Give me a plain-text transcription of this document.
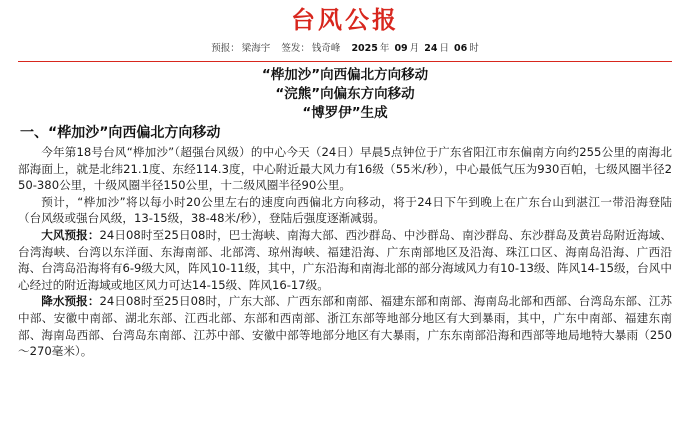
台风公报
预报： 梁海宇 签发： 钱奇峰 2025 年 09 月 24 日 06 时
“桦加沙”向西偏北方向移动
“浣熊”向偏东方向移动
“博罗伊”生成
一、“桦加沙”向西偏北方向移动

今年第18号台风“桦加沙”（超强台风级）的中心今天（24日）早晨5点钟位于广东省阳江市东偏南方向约255公里的南海北部海面上，就是北纬21.1度、东经114.3度，中心附近最大风力有16级（55米/秒），中心最低气压为930百帕，七级风圈半径250-380公里，十级风圈半径150公里，十二级风圈半径90公里。

预计，“桦加沙”将以每小时20公里左右的速度向西偏北方向移动，将于24日下午到晚上在广东台山到湛江一带沿海登陆（台风级或强台风级，13-15级，38-48米/秒），登陆后强度逐渐减弱。

大风预报：24日08时至25日08时，巴士海峡、南海大部、西沙群岛、中沙群岛、南沙群岛、东沙群岛及黄岩岛附近海域、台湾海峡、台湾以东洋面、东海南部、北部湾、琼州海峡、福建沿海、广东南部地区及沿海、珠江口区、海南岛沿海、广西沿海、台湾岛沿海将有6-9级大风，阵风10-11级，其中，广东沿海和南海北部的部分海域风力有10-13级、阵风14-15级，台风中心经过的附近海域或地区风力可达14-15级、阵风16-17级。

降水预报：24日08时至25日08时，广东大部、广西东部和南部、福建东部和南部、海南岛北部和西部、台湾岛东部、江苏中部、安徽中南部、湖北东部、江西北部、东部和西南部、浙江东部等地部分地区有大到暴雨，其中，广东中南部、福建东南部、海南岛西部、台湾岛东南部、江苏中部、安徽中部等地部分地区有大暴雨，广东东南部沿海和西部等地局地特大暴雨（250～270毫米）。
